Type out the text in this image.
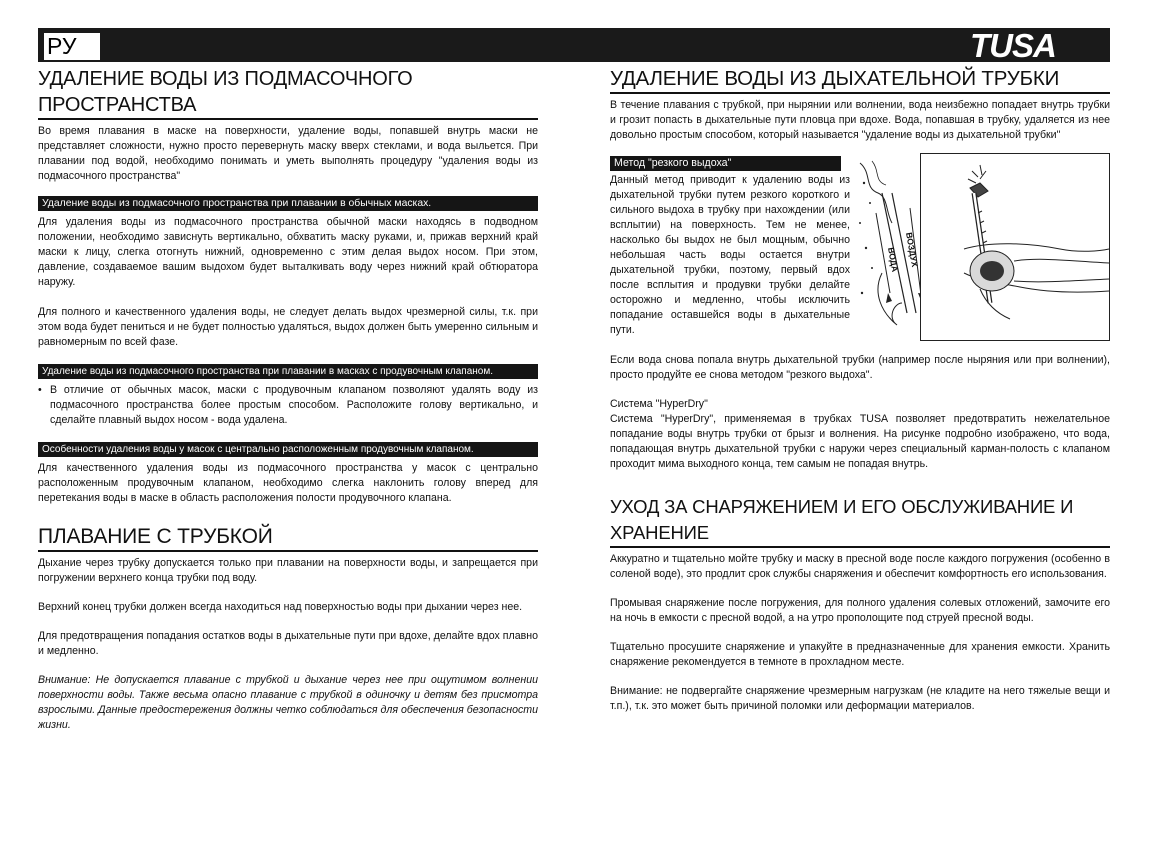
РУ	TUSA
УДАЛЕНИЕ ВОДЫ ИЗ ПОДМАСОЧНОГО ПРОСТРАНСТВА

Во время плавания в маске на поверхности, удаление воды, попавшей внутрь маски не представляет сложности, нужно просто перевернуть маску вверх стеклами, и вода выльется. При плавании под водой, необходимо понимать и уметь выполнять процедуру "удаления воды из подмасочного пространства"

Удаление воды из подмасочного пространства при плавании в обычных масках.

Для удаления воды из подмасочного пространства обычной маски находясь в подводном положении, необходимо зависнуть вертикально, обхватить маску руками, и, прижав верхний край маски к лицу, слегка отогнуть нижний, одновременно с этим делая выдох носом. При этом, давление, создаваемое вашим выдохом будет выталкивать воду через нижний край обтюратора наружу.

Для полного и качественного удаления воды, не следует делать выдох чрезмерной силы, т.к. при этом вода будет пениться и не будет полностью удаляться, выдох должен быть умеренно сильным и равномерным по всей фазе.

Удаление воды из подмасочного пространства при плавании в масках с продувочным клапаном.
• В отличие от обычных масок, маски с продувочным клапаном позволяют удалять воду из подмасочного пространства более простым способом. Расположите голову вертикально, и сделайте плавный выдох носом - вода удалена.
Особенности удаления воды у масок с центрально расположенным продувочным клапаном.

Для качественного удаления воды из подмасочного пространства у масок с центрально расположенным продувочным клапаном, необходимо слегка наклонить голову вперед для перетекания воды в маске в область расположения полости продувочного клапана.

ПЛАВАНИЕ С ТРУБКОЙ

Дыхание через трубку допускается только при плавании на поверхности воды, и запрещается при погружении верхнего конца трубки под воду.

Верхний конец трубки должен всегда находиться над поверхностью воды при дыхании через нее.

Для предотвращения попадания остатков воды в дыхательные пути при вдохе, делайте вдох плавно и медленно.

Внимание: Не допускается плавание с трубкой и дыхание через нее при ощутимом волнении поверхности воды. Также весьма опасно плавание с трубкой в одиночку и детям без присмотра взрослыми. Данные предостережения должны четко соблюдаться для обеспечения безопасности жизни.

УДАЛЕНИЕ ВОДЫ ИЗ ДЫХАТЕЛЬНОЙ ТРУБКИ

В течение плавания с трубкой, при нырянии или волнении, вода неизбежно попадает внутрь трубки и грозит попасть в дыхательные пути пловца при вдохе. Вода, попавшая в трубку, удаляется из нее довольно простым способом, который называется "удаление воды из дыхательной трубки"

Метод "резкого выдоха"

Данный метод приводит к удалению воды из дыхательной трубки путем резкого короткого и сильного выдоха в трубку при нахождении (или всплытии) на поверхность. Тем не менее, насколько бы выдох не был мощным, обычно небольшая часть воды остается внутри дыхательной трубки, поэтому, первый вдох после всплытия и продувки трубки делайте осторожно и медленно, чтобы исключить попадание оставшейся воды в дыхательные пути.

ВОДА ВОЗДУХ

Если вода снова попала внутрь дыхательной трубки (например после ныряния или при волнении), просто продуйте ее снова методом "резкого выдоха".

Система "HyperDry"

Система "HyperDry", применяемая в трубках TUSA позволяет предотвратить нежелательное попадание воды внутрь трубки от брызг и волнения. На рисунке подробно изображено, что вода, попадающая внутрь дыхательной трубки с наружи через специальный карман-полость с клапаном проходит мима выходного конца, тем самым не попадая внутрь.

УХОД ЗА СНАРЯЖЕНИЕМ И ЕГО ОБСЛУЖИВАНИЕ И ХРАНЕНИЕ

Аккуратно и тщательно мойте трубку и маску в пресной воде после каждого погружения (особенно в соленой воде), это продлит срок службы снаряжения и обеспечит комфортность его использования.

Промывая снаряжение после погружения, для полного удаления солевых отложений, замочите его на ночь в емкости с пресной водой, а на утро прополощите под струей пресной воды.

Тщательно просушите снаряжение и упакуйте в предназначенные для хранения емкости. Хранить снаряжение рекомендуется в темноте в прохладном месте.

Внимание: не подвергайте снаряжение чрезмерным нагрузкам (не кладите на него тяжелые вещи и т.п.), т.к. это может быть причиной поломки или деформации материалов.
